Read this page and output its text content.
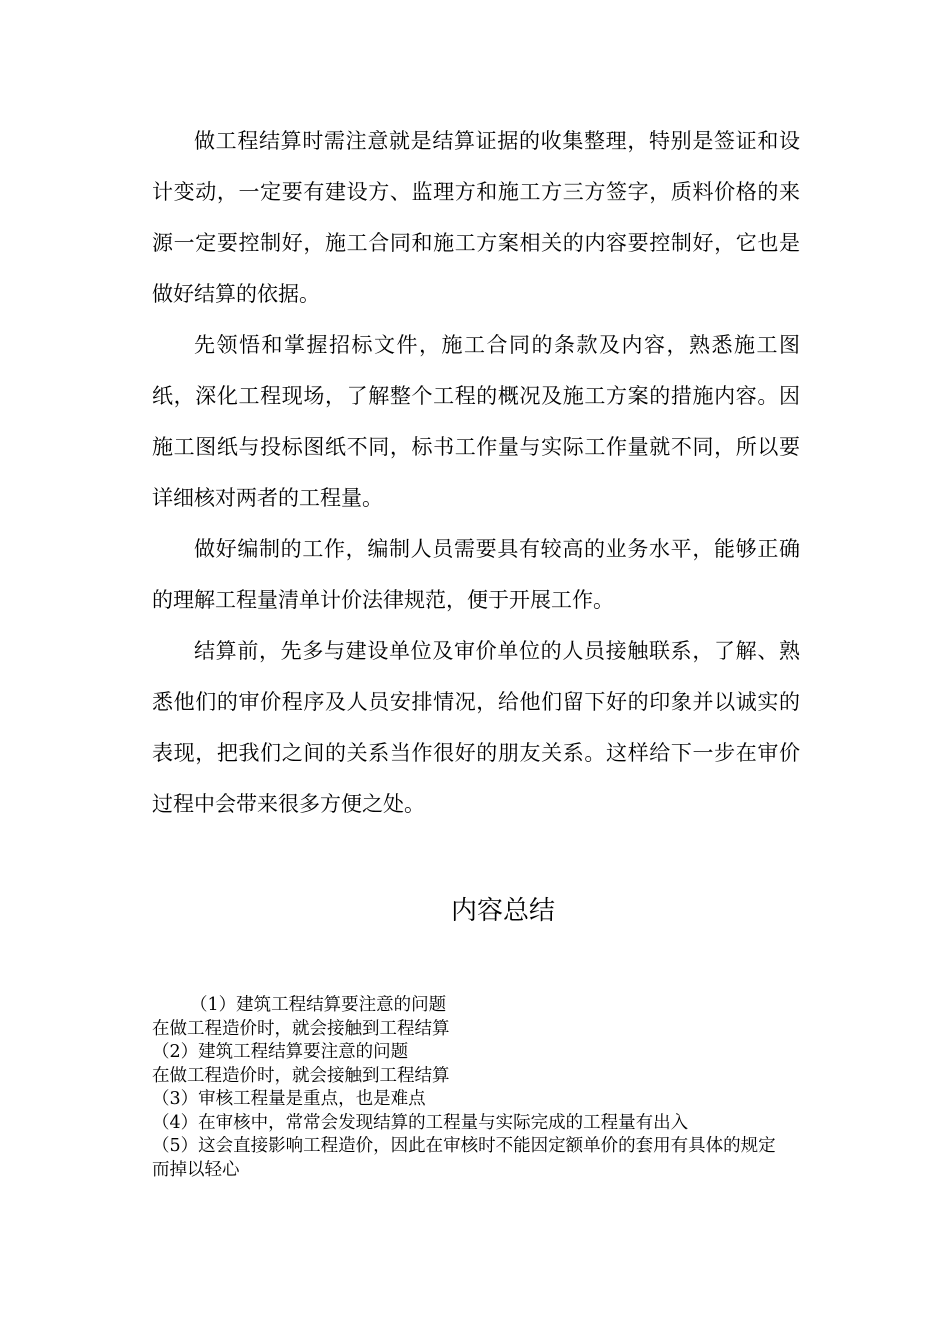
做工程结算时需注意就是结算证据的收集整理，特别是签证和设计变动，一定要有建设方、监理方和施工方三方签字，质料价格的来源一定要控制好，施工合同和施工方案相关的内容要控制好，它也是做好结算的依据。

先领悟和掌握招标文件，施工合同的条款及内容，熟悉施工图纸，深化工程现场，了解整个工程的概况及施工方案的措施内容。因施工图纸与投标图纸不同，标书工作量与实际工作量就不同，所以要详细核对两者的工程量。

做好编制的工作，编制人员需要具有较高的业务水平，能够正确的理解工程量清单计价法律规范，便于开展工作。

结算前，先多与建设单位及审价单位的人员接触联系，了解、熟悉他们的审价程序及人员安排情况，给他们留下好的印象并以诚实的表现，把我们之间的关系当作很好的朋友关系。这样给下一步在审价过程中会带来很多方便之处。

内容总结
（1）建筑工程结算要注意的问题
在做工程造价时，就会接触到工程结算
（2）建筑工程结算要注意的问题
在做工程造价时，就会接触到工程结算
（3）审核工程量是重点，也是难点
（4）在审核中，常常会发现结算的工程量与实际完成的工程量有出入
（5）这会直接影响工程造价，因此在审核时不能因定额单价的套用有具体的规定而掉以轻心
